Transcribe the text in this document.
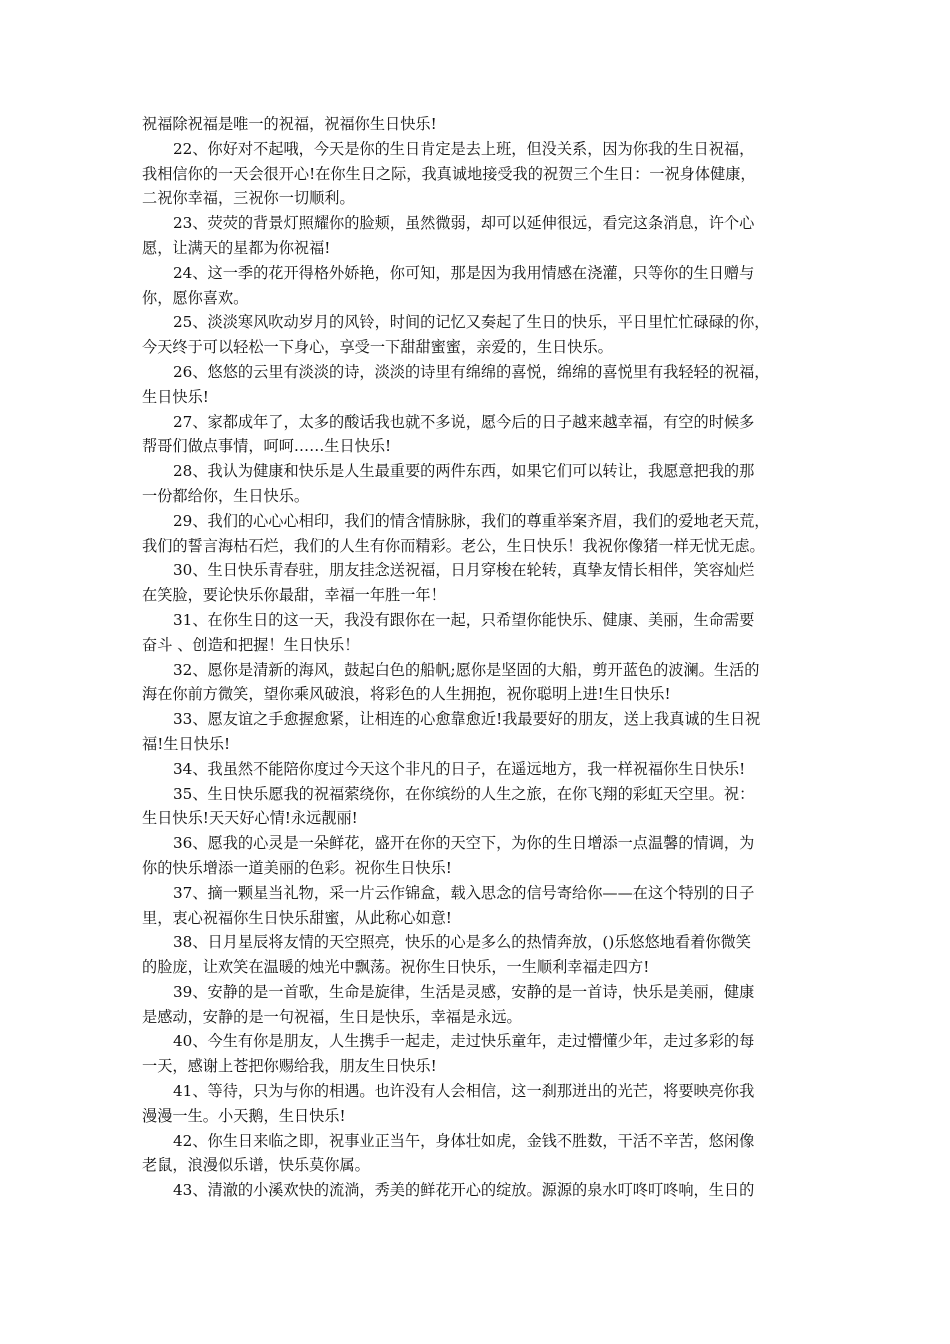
祝福除祝福是唯一的祝福，祝福你生日快乐!
22、你好对不起哦，今天是你的生日肯定是去上班，但没关系，因为你我的生日祝福，
我相信你的一天会很开心!在你生日之际，我真诚地接受我的祝贺三个生日：一祝身体健康，
二祝你幸福，三祝你一切顺利。
23、荧荧的背景灯照耀你的脸颊，虽然微弱，却可以延伸很远，看完这条消息，许个心
愿，让满天的星都为你祝福!
24、这一季的花开得格外娇艳，你可知，那是因为我用情感在浇灌，只等你的生日赠与
你，愿你喜欢。
25、淡淡寒风吹动岁月的风铃，时间的记忆又奏起了生日的快乐，平日里忙忙碌碌的你，
今天终于可以轻松一下身心，享受一下甜甜蜜蜜，亲爱的，生日快乐。
26、悠悠的云里有淡淡的诗，淡淡的诗里有绵绵的喜悦，绵绵的喜悦里有我轻轻的祝福，
生日快乐!
27、家都成年了，太多的酸话我也就不多说，愿今后的日子越来越幸福，有空的时候多
帮哥们做点事情，呵呵……生日快乐!
28、我认为健康和快乐是人生最重要的两件东西，如果它们可以转让，我愿意把我的那
一份都给你，生日快乐。
29、我们的心心心相印，我们的情含情脉脉，我们的尊重举案齐眉，我们的爱地老天荒，
我们的誓言海枯石烂，我们的人生有你而精彩。老公，生日快乐！我祝你像猪一样无忧无虑。
30、生日快乐青春驻，朋友挂念送祝福，日月穿梭在轮转，真挚友情长相伴，笑容灿烂
在笑脸，要论快乐你最甜，幸福一年胜一年！
31、在你生日的这一天，我没有跟你在一起，只希望你能快乐、健康、美丽，生命需要
奋斗 、创造和把握！生日快乐！
32、愿你是清新的海风，鼓起白色的船帆;愿你是坚固的大船，剪开蓝色的波澜。生活的
海在你前方微笑，望你乘风破浪，将彩色的人生拥抱，祝你聪明上进!生日快乐!
33、愿友谊之手愈握愈紧，让相连的心愈靠愈近!我最要好的朋友，送上我真诚的生日祝
福!生日快乐!
34、我虽然不能陪你度过今天这个非凡的日子，在遥远地方，我一样祝福你生日快乐!
35、生日快乐愿我的祝福萦绕你，在你缤纷的人生之旅，在你飞翔的彩虹天空里。祝：
生日快乐!天天好心情!永远靓丽!
36、愿我的心灵是一朵鲜花，盛开在你的天空下，为你的生日增添一点温馨的情调，为
你的快乐增添一道美丽的色彩。祝你生日快乐!
37、摘一颗星当礼物，采一片云作锦盒，载入思念的信号寄给你——在这个特别的日子
里，衷心祝福你生日快乐甜蜜，从此称心如意!
38、日月星辰将友情的天空照亮，快乐的心是多么的热情奔放，()乐悠悠地看着你微笑
的脸庞，让欢笑在温暖的烛光中飘荡。祝你生日快乐，一生顺利幸福走四方!
39、安静的是一首歌，生命是旋律，生活是灵感，安静的是一首诗，快乐是美丽，健康
是感动，安静的是一句祝福，生日是快乐，幸福是永远。
40、今生有你是朋友，人生携手一起走，走过快乐童年，走过懵懂少年，走过多彩的每
一天，感谢上苍把你赐给我，朋友生日快乐!
41、等待，只为与你的相遇。也许没有人会相信，这一刹那迸出的光芒，将要映亮你我
漫漫一生。小天鹅，生日快乐!
42、你生日来临之即，祝事业正当午，身体壮如虎，金钱不胜数，干活不辛苦，悠闲像
老鼠，浪漫似乐谱，快乐莫你属。
43、清澈的小溪欢快的流淌，秀美的鲜花开心的绽放。源源的泉水叮咚叮咚响，生日的
